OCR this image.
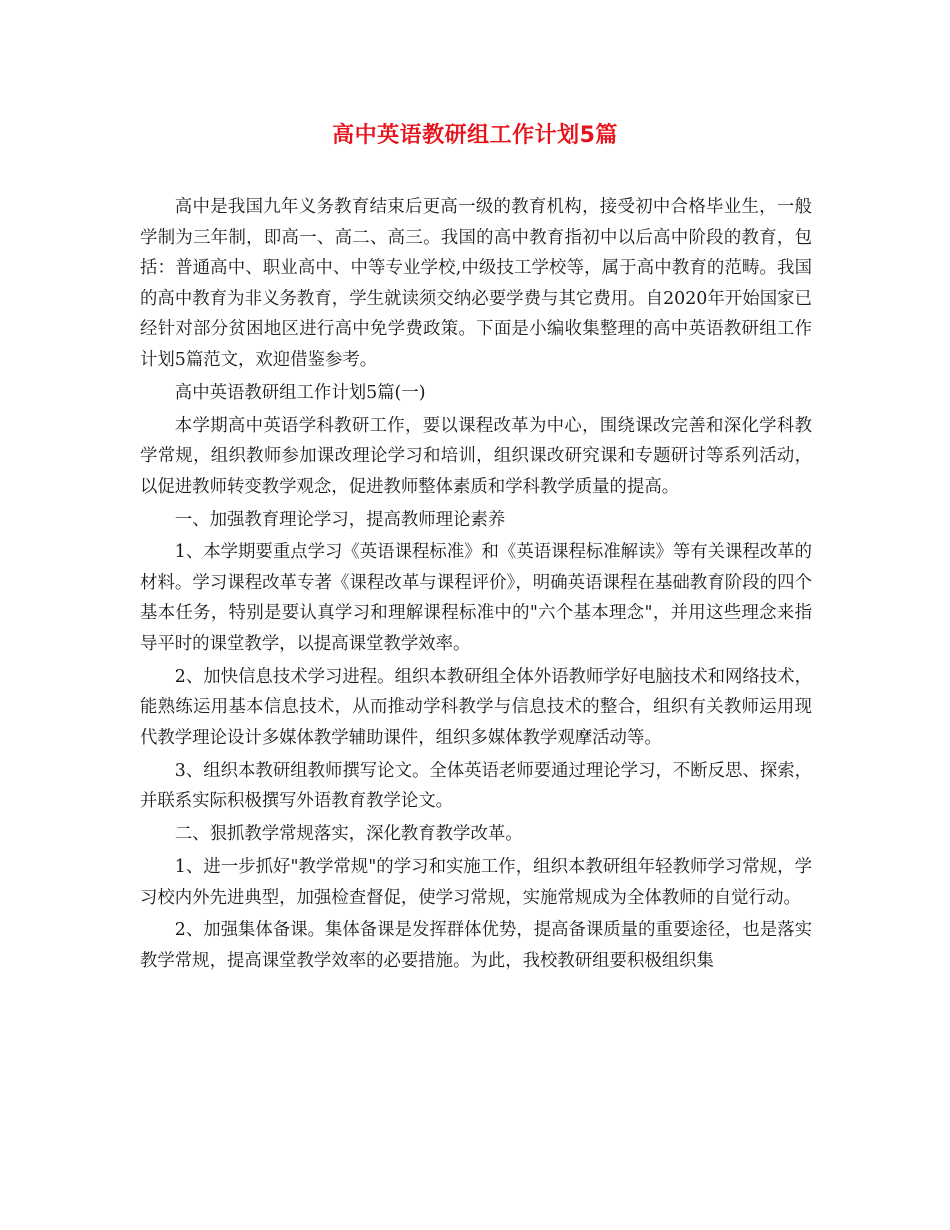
高中英语教研组工作计划5篇

高中是我国九年义务教育结束后更高一级的教育机构，接受初中合格毕业生，一般学制为三年制，即高一、高二、高三。我国的高中教育指初中以后高中阶段的教育，包括：普通高中、职业高中、中等专业学校,中级技工学校等，属于高中教育的范畴。我国的高中教育为非义务教育，学生就读须交纳必要学费与其它费用。自2020年开始国家已经针对部分贫困地区进行高中免学费政策。下面是小编收集整理的高中英语教研组工作计划5篇范文，欢迎借鉴参考。

高中英语教研组工作计划5篇(一)

本学期高中英语学科教研工作，要以课程改革为中心，围绕课改完善和深化学科教学常规，组织教师参加课改理论学习和培训，组织课改研究课和专题研讨等系列活动，以促进教师转变教学观念，促进教师整体素质和学科教学质量的提高。

一、加强教育理论学习，提高教师理论素养

1、本学期要重点学习《英语课程标准》和《英语课程标准解读》等有关课程改革的材料。学习课程改革专著《课程改革与课程评价》，明确英语课程在基础教育阶段的四个基本任务，特别是要认真学习和理解课程标准中的"六个基本理念"，并用这些理念来指导平时的课堂教学，以提高课堂教学效率。

2、加快信息技术学习进程。组织本教研组全体外语教师学好电脑技术和网络技术，能熟练运用基本信息技术，从而推动学科教学与信息技术的整合，组织有关教师运用现代教学理论设计多媒体教学辅助课件，组织多媒体教学观摩活动等。

3、组织本教研组教师撰写论文。全体英语老师要通过理论学习，不断反思、探索，并联系实际积极撰写外语教育教学论文。

二、狠抓教学常规落实，深化教育教学改革。

1、进一步抓好"教学常规"的学习和实施工作，组织本教研组年轻教师学习常规，学习校内外先进典型，加强检查督促，使学习常规，实施常规成为全体教师的自觉行动。

2、加强集体备课。集体备课是发挥群体优势，提高备课质量的重要途径，也是落实教学常规，提高课堂教学效率的必要措施。为此，我校教研组要积极组织集
